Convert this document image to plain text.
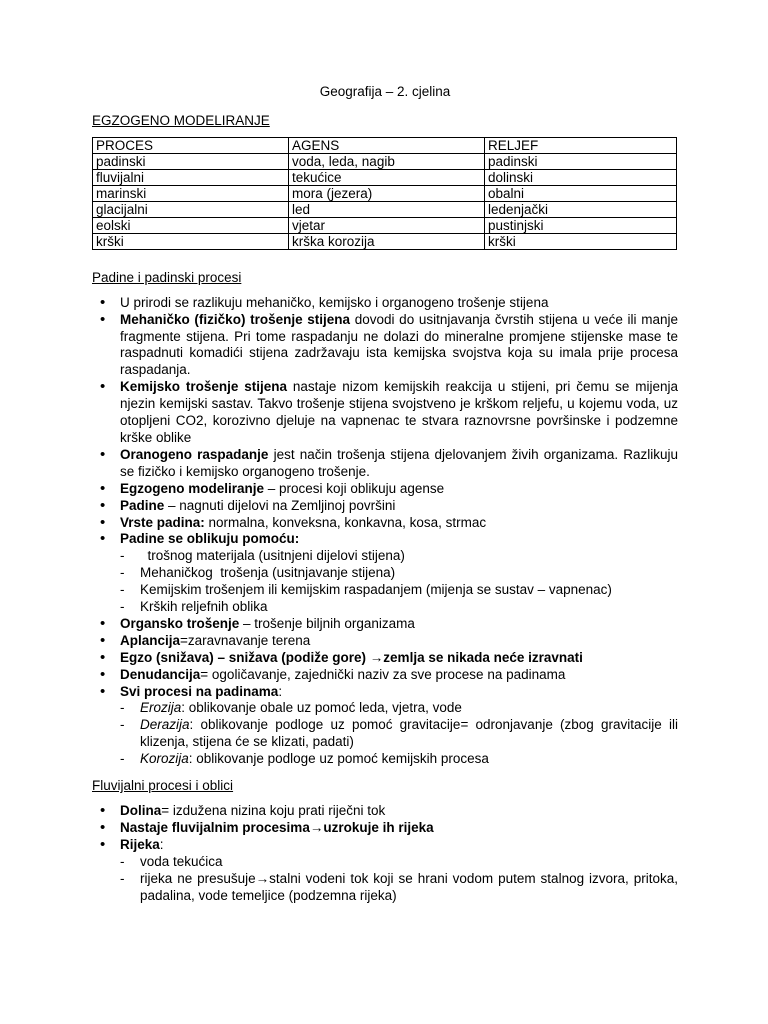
Geografija – 2. cjelina
EGZOGENO MODELIRANJE
PROCES	AGENS	RELJEF
padinski	voda, leda, nagib	padinski
fluvijalni	tekućice	dolinski
marinski	mora (jezera)	obalni
glacijalni	led	ledenjački
eolski	vjetar	pustinjski
krški	krška korozija	krški
Padine i padinski procesi
• U prirodi se razlikuju mehaničko, kemijsko i organogeno trošenje stijena
• Mehaničko (fizičko) trošenje stijena dovodi do usitnjavanja čvrstih stijena u veće ili manje fragmente stijena. Pri tome raspadanju ne dolazi do mineralne promjene stijenske mase te raspadnuti komadići stijena zadržavaju ista kemijska svojstva koja su imala prije procesa raspadanja.
• Kemijsko trošenje stijena nastaje nizom kemijskih reakcija u stijeni, pri čemu se mijenja njezin kemijski sastav. Takvo trošenje stijena svojstveno je krškom reljefu, u kojemu voda, uz otopljeni CO2, korozivno djeluje na vapnenac te stvara raznovrsne površinske i podzemne krške oblike
• Oranogeno raspadanje jest način trošenja stijena djelovanjem živih organizama. Razlikuju se fizičko i kemijsko organogeno trošenje.
• Egzogeno modeliranje – procesi koji oblikuju agense
• Padine – nagnuti dijelovi na Zemljinoj površini
• Vrste padina: normalna, konveksna, konkavna, kosa, strmac
• Padine se oblikuju pomoću:
-   trošnog materijala (usitnjeni dijelovi stijena)
- Mehaničkog  trošenja (usitnjavanje stijena)
- Kemijskim trošenjem ili kemijskim raspadanjem (mijenja se sustav – vapnenac)
- Krških reljefnih oblika
• Organsko trošenje – trošenje biljnih organizama
• Aplancija=zaravnavanje terena
• Egzo (snižava) – snižava (podiže gore) →zemlja se nikada neće izravnati
• Denudancija= ogoličavanje, zajednički naziv za sve procese na padinama
• Svi procesi na padinama:
- Erozija: oblikovanje obale uz pomoć leda, vjetra, vode
- Derazija: oblikovanje podloge uz pomoć gravitacije= odronjavanje (zbog gravitacije ili klizenja, stijena će se klizati, padati)
- Korozija: oblikovanje podloge uz pomoć kemijskih procesa
Fluvijalni procesi i oblici
• Dolina= izdužena nizina koju prati riječni tok
• Nastaje fluvijalnim procesima→uzrokuje ih rijeka
• Rijeka:
- voda tekućica
- rijeka ne presušuje→stalni vodeni tok koji se hrani vodom putem stalnog izvora, pritoka, padalina, vode temeljice (podzemna rijeka)
